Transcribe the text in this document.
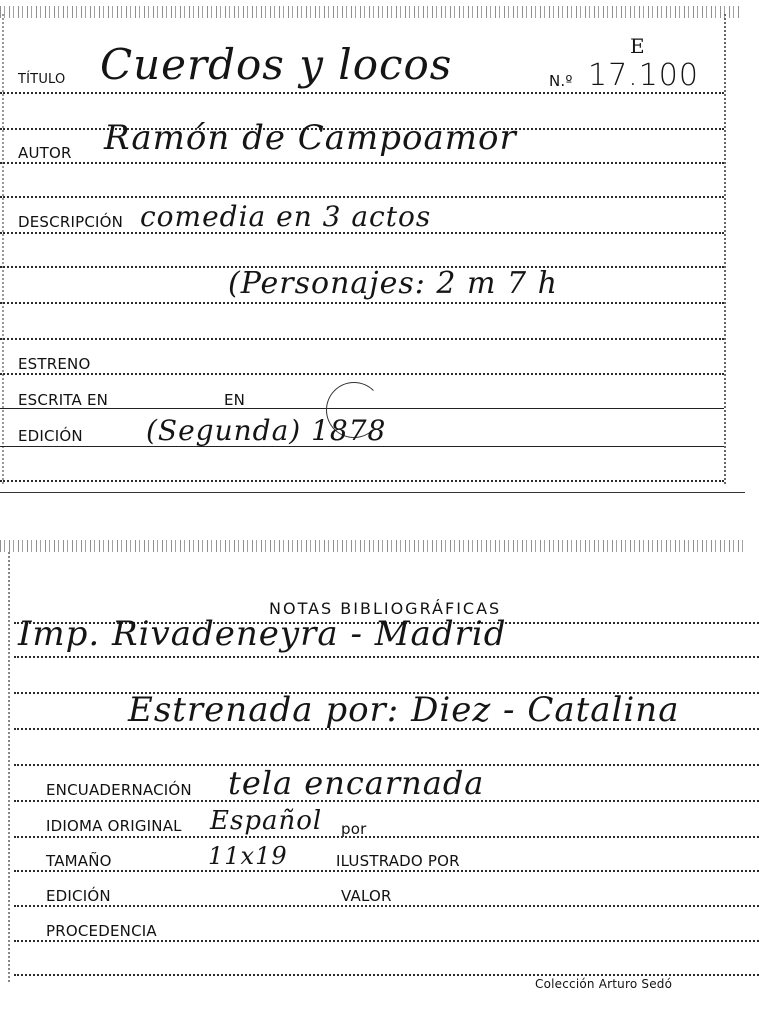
TÍTULO Cuerdos y locos	N.º 17.100
E
AUTOR Ramón de Campoamor
DESCRIPCIÓN comedia en 3 actos
(Personajes: 2 m 7 h
ESTRENO
ESCRITA EN	EN
EDICIÓN (Segunda) 1878
NOTAS BIBLIOGRÁFICAS
Imp. Rivadeneyra - Madrid
Estrenada por: Diez - Catalina
ENCUADERNACIÓN tela encarnada
IDIOMA ORIGINAL Español por
TAMAÑO	11x19	ILUSTRADO POR
EDICIÓN	VALOR
PROCEDENCIA
Colección Arturo Sedó
